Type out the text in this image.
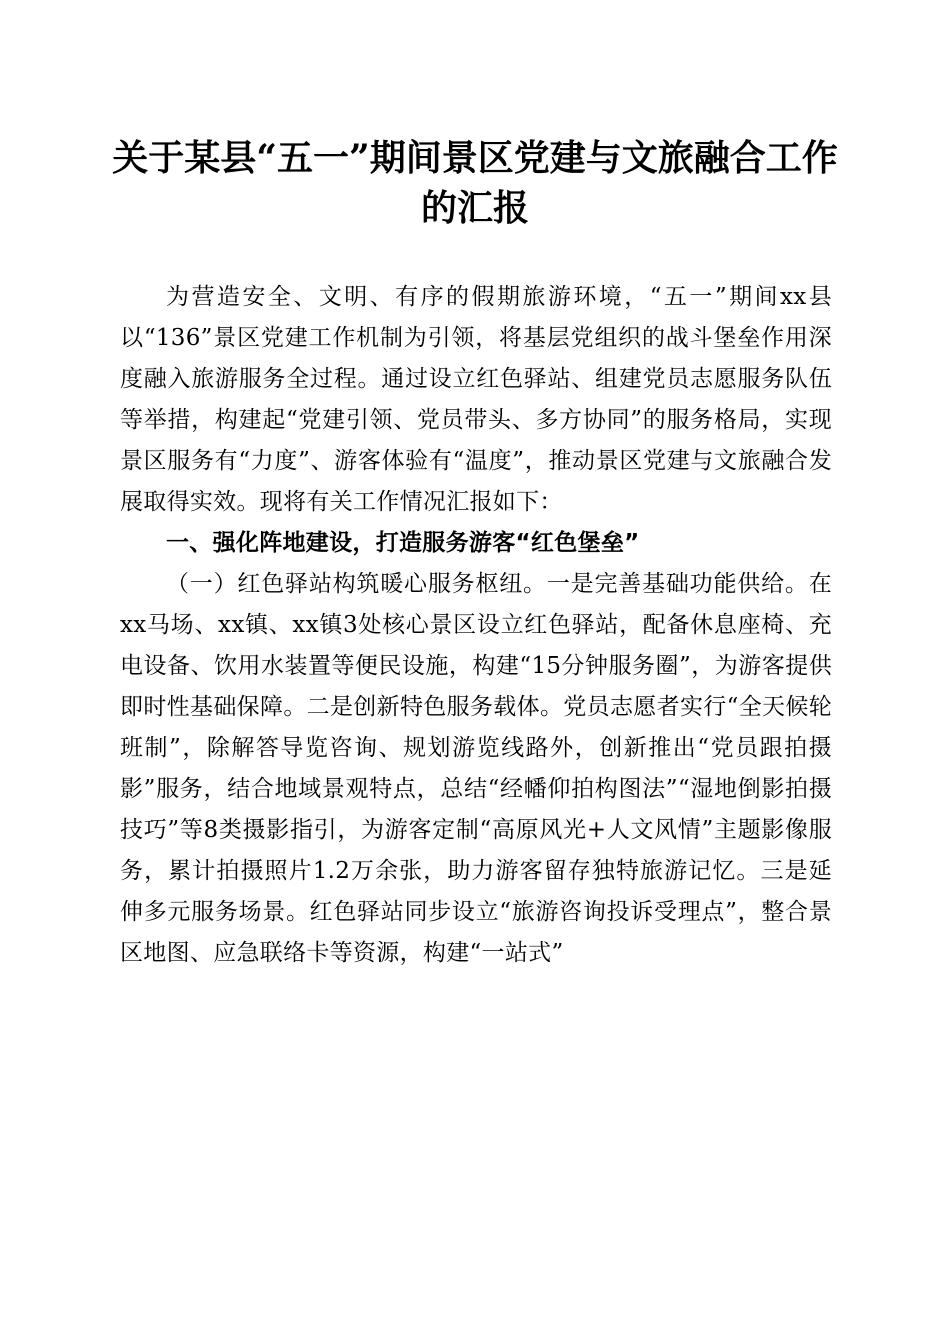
关于某县“五一”期间景区党建与文旅融合工作的汇报

为营造安全、文明、有序的假期旅游环境，“五一”期间xx县以“136”景区党建工作机制为引领，将基层党组织的战斗堡垒作用深度融入旅游服务全过程。通过设立红色驿站、组建党员志愿服务队伍等举措，构建起“党建引领、党员带头、多方协同”的服务格局，实现景区服务有“力度”、游客体验有“温度”，推动景区党建与文旅融合发展取得实效。现将有关工作情况汇报如下：

一、强化阵地建设，打造服务游客“红色堡垒”

（一）红色驿站构筑暖心服务枢纽。一是完善基础功能供给。在xx马场、xx镇、xx镇3处核心景区设立红色驿站，配备休息座椅、充电设备、饮用水装置等便民设施，构建“15分钟服务圈”，为游客提供即时性基础保障。二是创新特色服务载体。党员志愿者实行“全天候轮班制”，除解答导览咨询、规划游览线路外，创新推出“党员跟拍摄影”服务，结合地域景观特点，总结“经幡仰拍构图法”“湿地倒影拍摄技巧”等8类摄影指引，为游客定制“高原风光+人文风情”主题影像服务，累计拍摄照片1.2万余张，助力游客留存独特旅游记忆。三是延伸多元服务场景。红色驿站同步设立“旅游咨询投诉受理点”，整合景区地图、应急联络卡等资源，构建“一站式”
